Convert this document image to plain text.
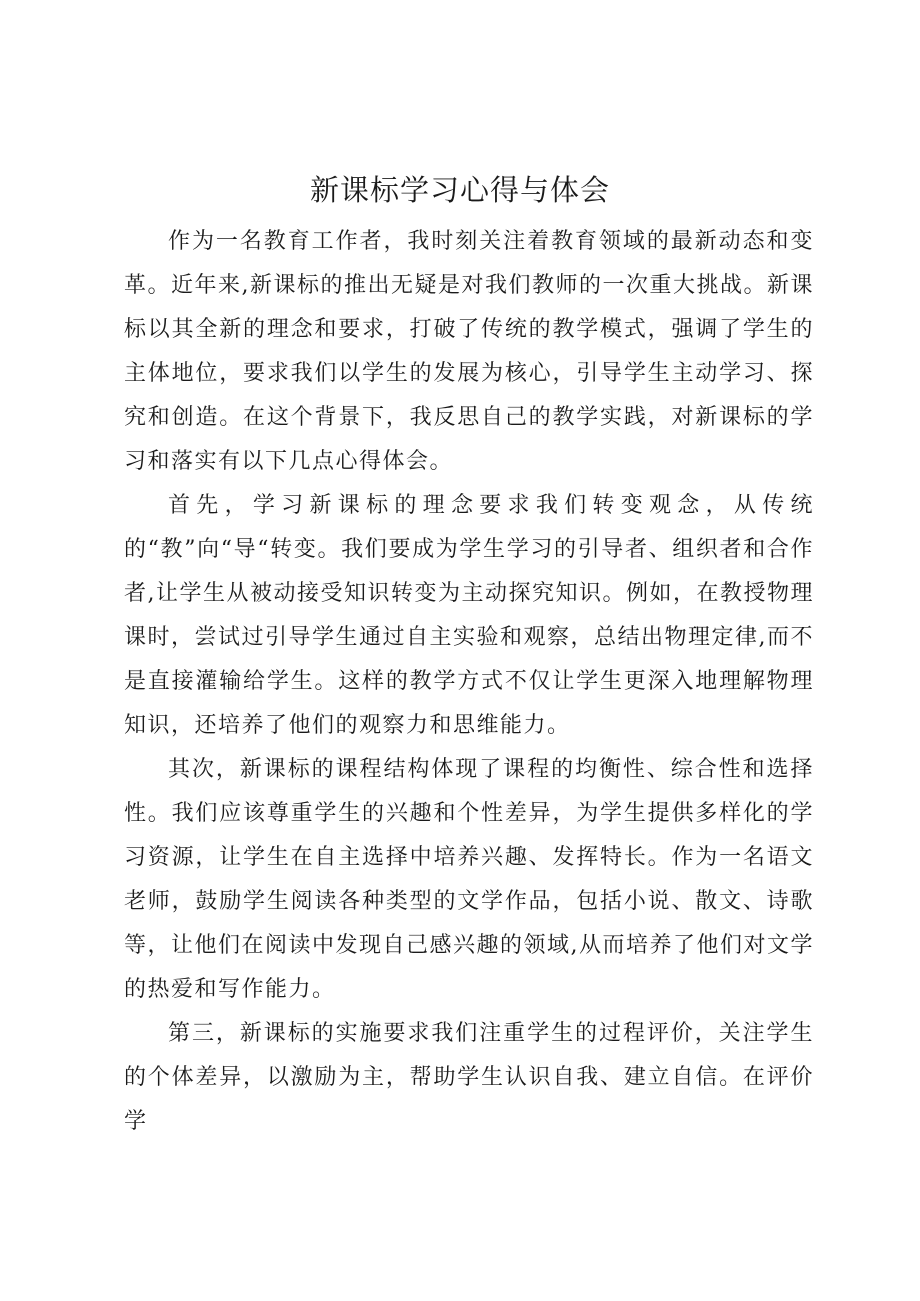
新课标学习心得与体会

作为一名教育工作者，我时刻关注着教育领域的最新动态和变革。近年来,新课标的推出无疑是对我们教师的一次重大挑战。新课标以其全新的理念和要求，打破了传统的教学模式，强调了学生的主体地位，要求我们以学生的发展为核心，引导学生主动学习、探究和创造。在这个背景下，我反思自己的教学实践，对新课标的学习和落实有以下几点心得体会。

首先，学习新课标的理念要求我们转变观念，从传统的“教”向“导“转变。我们要成为学生学习的引导者、组织者和合作者,让学生从被动接受知识转变为主动探究知识。例如，在教授物理课时，尝试过引导学生通过自主实验和观察，总结出物理定律,而不是直接灌输给学生。这样的教学方式不仅让学生更深入地理解物理知识，还培养了他们的观察力和思维能力。

其次，新课标的课程结构体现了课程的均衡性、综合性和选择性。我们应该尊重学生的兴趣和个性差异，为学生提供多样化的学习资源，让学生在自主选择中培养兴趣、发挥特长。作为一名语文老师，鼓励学生阅读各种类型的文学作品，包括小说、散文、诗歌等，让他们在阅读中发现自己感兴趣的领域,从而培养了他们对文学的热爱和写作能力。

第三，新课标的实施要求我们注重学生的过程评价，关注学生的个体差异，以激励为主，帮助学生认识自我、建立自信。在评价学
